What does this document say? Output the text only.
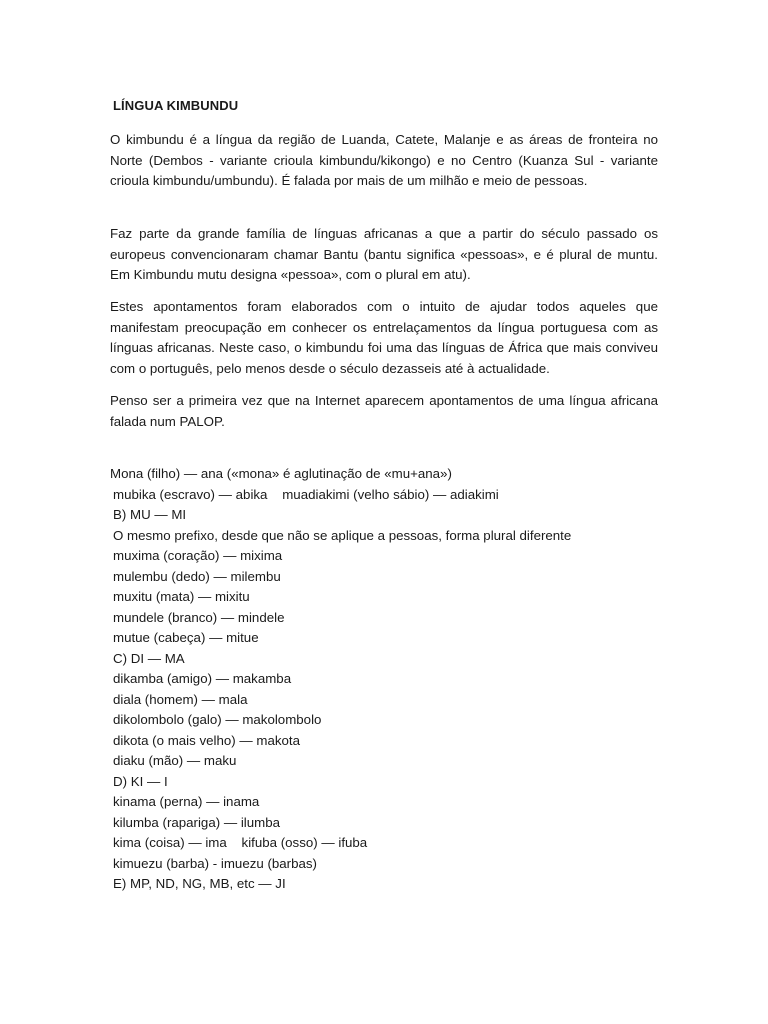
LÍNGUA KIMBUNDU

O kimbundu é a língua da região de Luanda, Catete, Malanje e as áreas de fronteira no Norte (Dembos - variante crioula kimbundu/kikongo) e no Centro (Kuanza Sul - variante crioula kimbundu/umbundu). É falada por mais de um milhão e meio de pessoas.

Faz parte da grande família de línguas africanas a que a partir do século passado os europeus convencionaram chamar Bantu (bantu significa «pessoas», e é plural de muntu. Em Kimbundu mutu designa «pessoa», com o plural em atu).

Estes apontamentos foram elaborados com o intuito de ajudar todos aqueles que manifestam preocupação em conhecer os entrelaçamentos da língua portuguesa com as línguas africanas. Neste caso, o kimbundu foi uma das línguas de África que mais conviveu com o português, pelo menos desde o século dezasseis até à actualidade.

Penso ser a primeira vez que na Internet aparecem apontamentos de uma língua africana falada num PALOP.

Mona (filho) — ana («mona» é aglutinação de «mu+ana»)
mubika (escravo) — abika    muadiakimi (velho sábio) — adiakimi
B) MU — MI
O mesmo prefixo, desde que não se aplique a pessoas, forma plural diferente
muxima (coração) — mixima
mulembu (dedo) — milembu
muxitu (mata) — mixitu
mundele (branco) — mindele
mutue (cabeça) — mitue
C) DI — MA
dikamba (amigo) — makamba
diala (homem) — mala
dikolombolo (galo) — makolombolo
dikota (o mais velho) — makota
diaku (mão) — maku
D) KI — I
kinama (perna) — inama
kilumba (rapariga) — ilumba
kima (coisa) — ima    kifuba (osso) — ifuba
kimuezu (barba) - imuezu (barbas)
E) MP, ND, NG, MB, etc — JI
